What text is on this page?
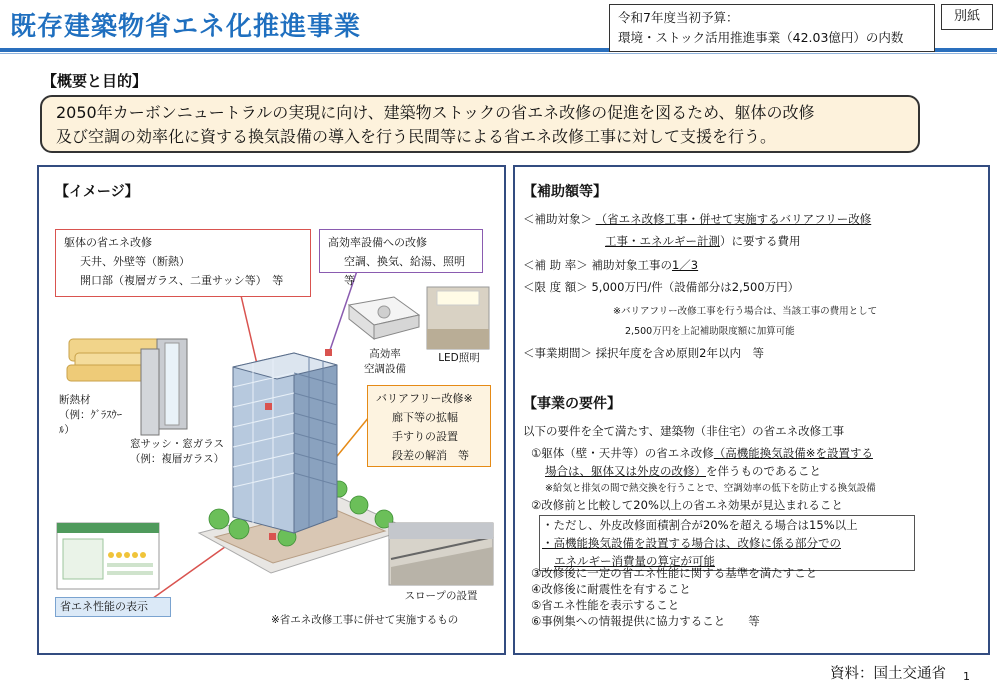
既存建築物省エネ化推進事業	令和7年度当初予算：
環境・ストック活用推進事業（42.03億円）の内数
別紙
【概要と目的】
2050年カーボンニュートラルの実現に向け、建築物ストックの省エネ改修の促進を図るため、躯体の改修
及び空調の効率化に資する換気設備の導入を行う民間等による省エネ改修工事に対して支援を行う。
【イメージ】
躯体の省エネ改修
天井、外壁等（断熱）
開口部（複層ガラス、二重サッシ等）　等
高効率設備への改修
空調、換気、給湯、照明　等
バリアフリー改修※
廊下等の拡幅
手すりの設置
段差の解消　等
断熱材
（例：ｸﾞﾗｽｳｰﾙ）
窓サッシ・窓ガラス
（例：複層ガラス）
高効率
空調設備
LED照明
省エネ性能の表示
スロープの設置
※省エネ改修工事に併せて実施するもの
【補助額等】
＜補助対象＞ （省エネ改修工事・併せて実施するバリアフリー改修
工事・エネルギー計測）に要する費用
＜補 助 率＞ 補助対象工事の1／3
＜限 度 額＞ 5,000万円/件（設備部分は2,500万円）
※バリアフリー改修工事を行う場合は、当該工事の費用として
2,500万円を上記補助限度額に加算可能
＜事業期間＞ 採択年度を含め原則2年以内　等
【事業の要件】
以下の要件を全て満たす、建築物（非住宅）の省エネ改修工事
①躯体（壁・天井等）の省エネ改修（高機能換気設備※を設置する
場合は、躯体又は外皮の改修）を伴うものであること
※給気と排気の間で熱交換を行うことで、空調効率の低下を防止する換気設備
②改修前と比較して20%以上の省エネ効果が見込まれること
・ただし、外皮改修面積割合が20%を超える場合は15%以上
・高機能換気設備を設置する場合は、改修に係る部分での
エネルギー消費量の算定が可能
③改修後に一定の省エネ性能に関する基準を満たすこと
④改修後に耐震性を有すること
⑤省エネ性能を表示すること
⑥事例集への情報提供に協力すること　　等
資料：国土交通省 1
